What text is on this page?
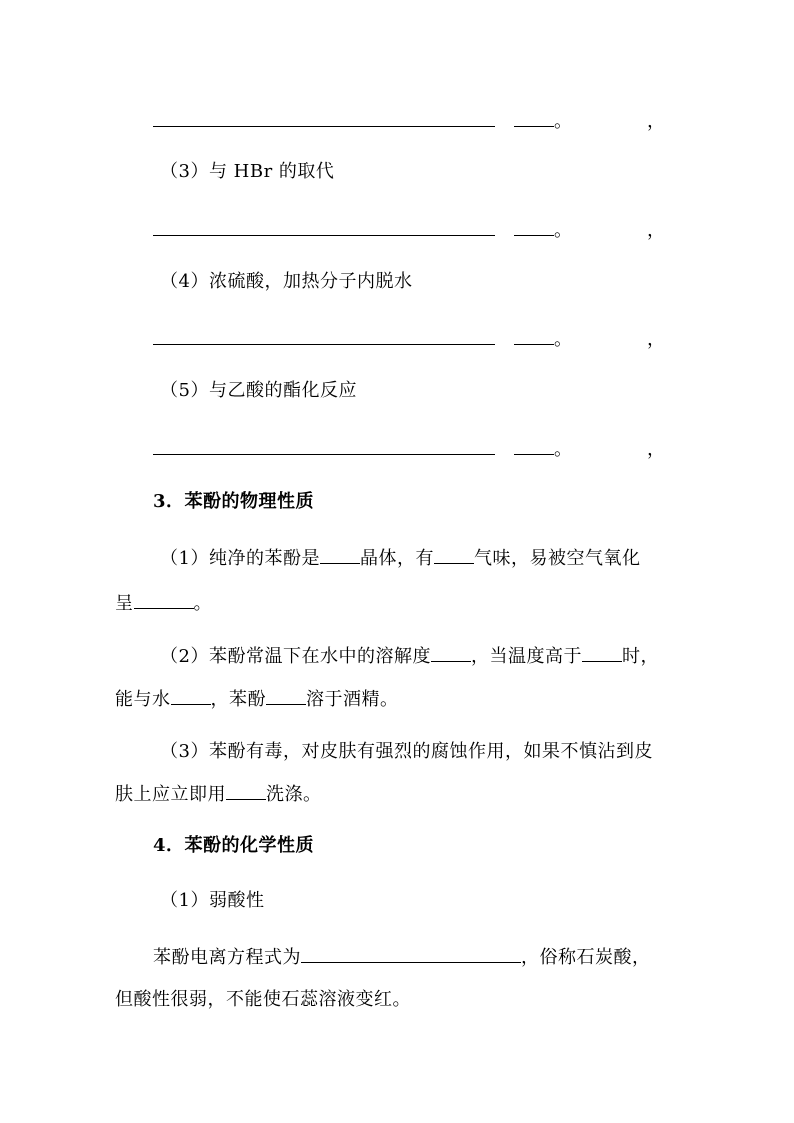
，
。
（3）与 HBr 的取代
，
。
（4）浓硫酸，加热分子内脱水
，
。
（5）与乙酸的酯化反应
，
。
3．苯酚的物理性质
（1）纯净的苯酚是 晶体，有 气味，易被空气氧化
呈	。
（2）苯酚常温下在水中的溶解度 ，当温度高于 时，
能与水 ，苯酚 溶于酒精。
（3）苯酚有毒，对皮肤有强烈的腐蚀作用，如果不慎沾到皮
肤上应立即用 洗涤。
4．苯酚的化学性质
（1）弱酸性
苯酚电离方程式为	，俗称石炭酸，
但酸性很弱，不能使石蕊溶液变红。
